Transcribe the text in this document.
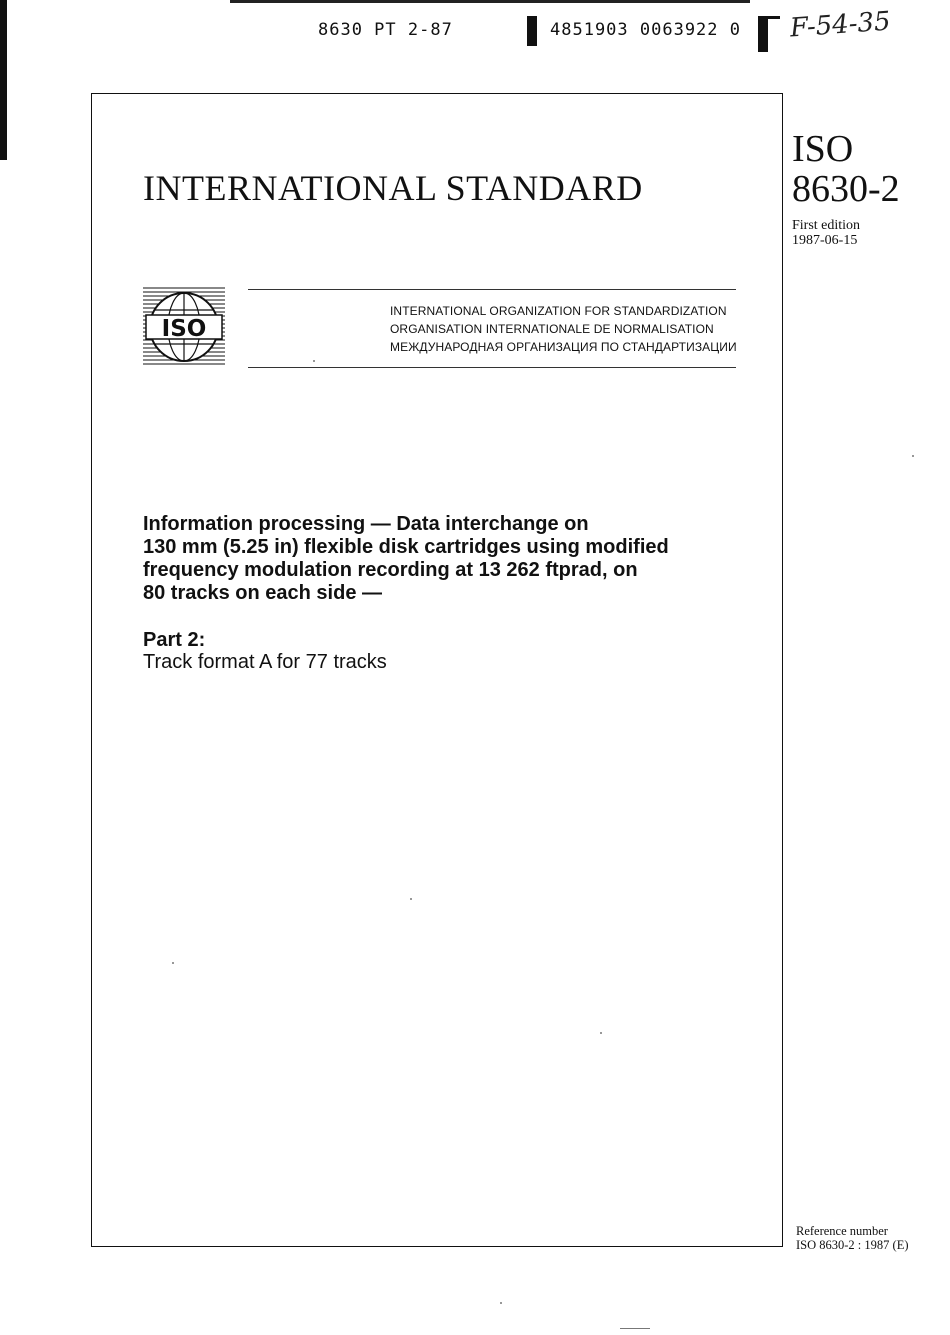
8630 PT 2-87	4851903 0063922 0 F-54-35
INTERNATIONAL STANDARD
ISO
8630-2
First edition
1987-06-15
ISO
INTERNATIONAL ORGANIZATION FOR STANDARDIZATION
ORGANISATION INTERNATIONALE DE NORMALISATION
МЕЖДУНАРОДНАЯ ОРГАНИЗАЦИЯ ПО СТАНДАРТИЗАЦИИ
Information processing — Data interchange on
130 mm (5.25 in) flexible disk cartridges using modified
frequency modulation recording at 13 262 ftprad, on
80 tracks on each side —
Part 2:
Track format A for 77 tracks
Reference number
ISO 8630-2 : 1987 (E)
